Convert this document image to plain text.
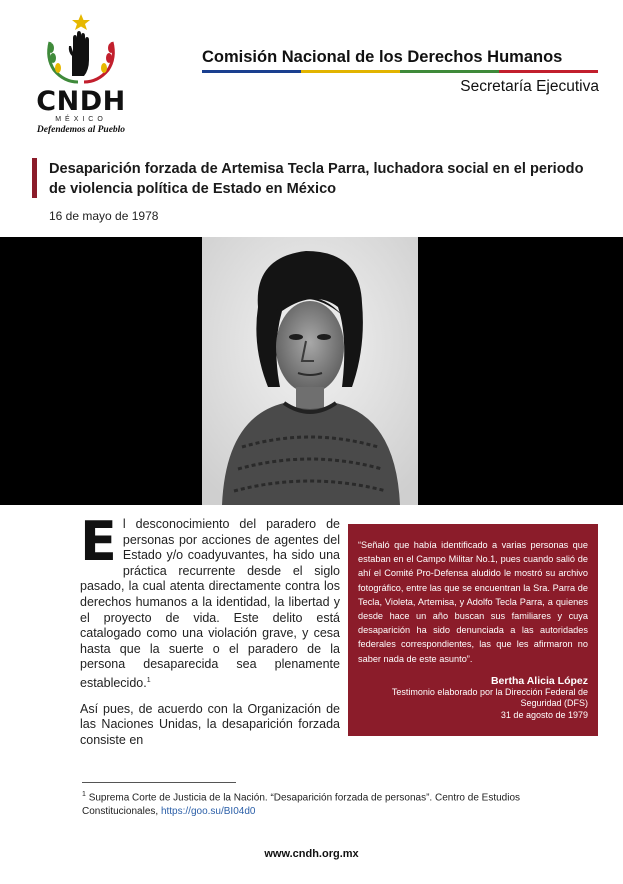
CNDH
MÉXICO
Defendemos al Pueblo
Comisión Nacional de los Derechos Humanos
Secretaría Ejecutiva
Desaparición forzada de Artemisa Tecla Parra, luchadora social en el periodo de violencia política de Estado en México
16 de mayo de 1978

El desconocimiento del paradero de personas por acciones de agentes del Estado y/o coadyuvantes, ha sido una práctica recurrente desde el siglo pasado, la cual atenta directamente contra los derechos humanos a la identidad, la libertad y el proyecto de vida. Este delito está catalogado como una violación grave, y cesa hasta que la suerte o el paradero de la persona desaparecida sea plenamente establecido.$^1$

Así pues, de acuerdo con la Organización de las Naciones Unidas, la desaparición forzada consiste en

“Señaló que había identificado a varias personas que estaban en el Campo Militar No.1, pues cuando salió de ahí el Comité Pro-Defensa aludido le mostró su archivo fotográfico, entre las que se encuentran la Sra. Parra de Tecla, Violeta, Artemisa, y Adolfo Tecla Parra, a quienes desde hace un año buscan sus familiares y cuya desaparición ha sido denunciada a las autoridades federales correspondientes, las que les afirmaron no saber nada de este asunto”.
Bertha Alicia López
Testimonio elaborado por la Dirección Federal de Seguridad (DFS)
31 de agosto de 1979
$^1$ Suprema Corte de Justicia de la Nación. “Desaparición forzada de personas”. Centro de Estudios Constitucionales, https://goo.su/BI04d0
www.cndh.org.mx
